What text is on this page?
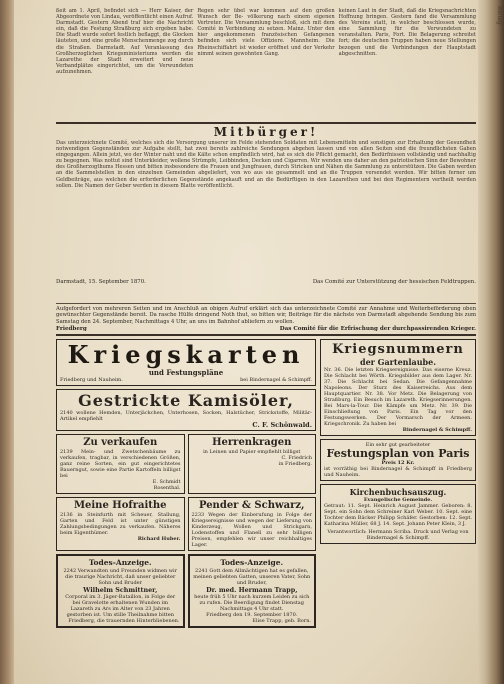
Beilag
ßeit am 1. April, befindet sich — Herr Kaiser, der Abgeordnete von Lindau, veröffentlicht einen Aufruf. Darmstadt. Gestern Abend traf hier die Nachricht ein, daß die Festung Straßburg sich ergeben habe. Die Stadt wurde sofort festlich beflaggt, die Glocken läuteten, und eine große Menschenmenge zog durch die Straßen. Darmstadt. Auf Veranlassung des Großherzoglichen Kriegsministeriums werden die Lazarethe der Stadt erweitert und neue Verbandplätze eingerichtet, um die Verwundeten aufzunehmen.
Regen sehr übel war kommen auf den großen Wunsch der Be- völkerung nach einem eigenen Vertreter. Die Versammlung beschloß, sich mit dem Comité in Verbindung zu setzen. Mainz. Unter den hier angekommenen französischen Gefangenen befinden sich viele Offiziere. Mannheim. Die Rheinschiffahrt ist wieder eröffnet und der Verkehr nimmt seinen gewohnten Gang.
keinen Laut in der Stadt, daß die Kriegsnachrichten Hoffnung bringen. Gestern fand die Versammlung des Vereins statt, in welcher beschlossen wurde, eine Sammlung für die Verwundeten zu veranstalten. Paris, Fort. Die Belagerung schreitet fort; die deutschen Truppen haben neue Stellungen bezogen und die Verbindungen der Hauptstadt abgeschnitten.
Mitbürger!
Das unterzeichnete Comité, welches sich die Versorgung unserer im Felde stehenden Soldaten mit Lebensmitteln und sonstigen zur Erhaltung der Gesundheit notwendigen Gegenständen zur Aufgabe stellt, hat zwei bereits zahlreiche Sendungen abgehen lassen und von allen Seiten sind die freundlichsten Gaben eingegangen. Allein jetzt, wo der Winter naht und die Kälte schon empfindlich wird, hat es sich die Pflicht gemacht, den Bedürfnissen vollständig und nachhaltig zu begegnen. Was nottut sind Unterkleider, wollene Strümpfe, Leibbinden, Decken und Cigarren. Wir wenden uns daher an den patriotischen Sinn der Bewohner des Großherzogthums Hessen und bitten insbesondere die Frauen und Jungfrauen, durch Stricken und Nähen die Sammlung zu unterstützen. Die Gaben werden an die Sammelstellen in den einzelnen Gemeinden abgeliefert, von wo aus sie gesammelt und an die Truppen versendet werden. Wir bitten ferner um Geldbeiträge, aus welchen die erforderlichen Gegenstände angekauft und an die Bedürftigen in den Lazarethen und bei den Regimentern vertheilt werden sollen. Die Namen der Geber werden in diesem Blatte veröffentlicht.
Darmstadt, 15. September 1870.	Das Comité zur Unterstützung der hessischen Feldtruppen.
Aufgefordert von mehreren Seiten und im Anschluß an obigen Aufruf erklärt sich das unterzeichnete Comité zur Annahme und Weiterbeförderung oben gewünschter Gegenstände bereit. Da rasche Hülfe dringend Noth thut, so bitten wir, Beiträge für die nächste von Darmstadt abgehende Sendung bis zum Samstag den 24. September, Nachmittags 4 Uhr, an uns im Bahnhof abliefern zu wollen.
Friedberg	Das Comité für die Erfrischung der durchpassirenden Krieger.
Kriegskarten
und Festungspläne
Friedberg und Nauheim.	bei Bindernagel & Schimpff.
Gestrickte Kamisöler,
2140 wollene Hemden, Unterjäckchen, Unterhosen, Socken, Halstücher, Strickstoffe, Militär-Artikel empfiehlt
C. F. Schönwald.
Zu verkaufen
2139 Mein- und Zwetschenbäume zu verkaufen, tragbar, in verschiedenen Größen, ganz reine Sorten, ein gut eingerichtetes Bauerngut, sowie eine Partie Kartoffeln billigst bei
E. Schmidt
Rosenthal.
Herrenkragen
in Leinen und Papier empfiehlt billigst
C. Friedrich
in Friedberg.
Meine Hofraithe
2136 in Steinfurth mit Scheuer, Stallung, Garten und Feld ist unter günstigen Zahlungsbedingungen zu verkaufen. Näheres beim Eigenthümer.
Richard Huber.
Pender & Schwarz,
2233 Wegen der Einberufung in Folge der Kriegsereignisse und wegen der Lieferung von Kinderzeug, Wollen und Strickgarn, Lodenstoffen und Flanell zu sehr billigen Preisen, empfehlen wir unser reichhaltiges Lager.
Todes-Anzeige.
2242 Verwandten und Freunden widmen wir die traurige Nachricht, daß unser geliebter Sohn und Bruder
Wilhelm Schmittner,
Corporal im 3. Jäger-Bataillon, in Folge der bei Gravelotte erhaltenen Wunden im Lazareth zu Ars im Alter von 23 Jahren gestorben ist. Um stille Theilnahme bitten
Friedberg, die trauernden Hinterbliebenen.
Todes-Anzeige.
2241 Gott dem Allmächtigen hat es gefallen, meinen geliebten Gatten, unseren Vater, Sohn und Bruder,
Dr. med. Hermann Trapp,
heute früh 5 Uhr nach kurzem Leiden zu sich zu rufen. Die Beerdigung findet Dienstag Nachmittags 4 Uhr statt.
Friedberg den 19. September 1870.
Elise Trapp, geb. Born.
Kriegsnummern
der Gartenlaube.
Nr. 36. Die letzten Kriegsereignisse. Das eiserne Kreuz. Die Schlacht bei Wörth. Kriegsbilder aus dem Lager. Nr. 37. Die Schlacht bei Sedan. Die Gefangennahme Napoleons. Der Sturz des Kaiserreichs. Aus dem Hauptquartier. Nr. 38. Vor Metz. Die Belagerung von Straßburg. Ein Besuch im Lazareth. Kriegserinnerungen. Bei Mars-la-Tour. Die Kämpfe um Metz. Nr. 39. Die Einschließung von Paris. Ein Tag vor den Festungswerken. Der Vormarsch der Armeen. Kriegschronik. Zu haben bei
Bindernagel & Schimpff.
Ein sehr gut gearbeiteter
Festungsplan von Paris
Preis 12 Kr.
ist vorräthig bei Bindernagel & Schimpff in Friedberg und Nauheim.
Kirchenbuchsauszug.
Evangelische Gemeinde.
Getraut: 11. Sept. Heinrich August Jammer. Geboren: 8. Sept. ein Sohn dem Schreiner Karl Weber. 10. Sept. eine Tochter dem Bäcker Philipp Schäfer. Gestorben: 12. Sept. Katharina Müller, 68 J. 14. Sept. Johann Peter Klein, 3 J.
Verantwortlich: Hermann Scriba. Druck und Verlag von Bindernagel & Schimpff.
